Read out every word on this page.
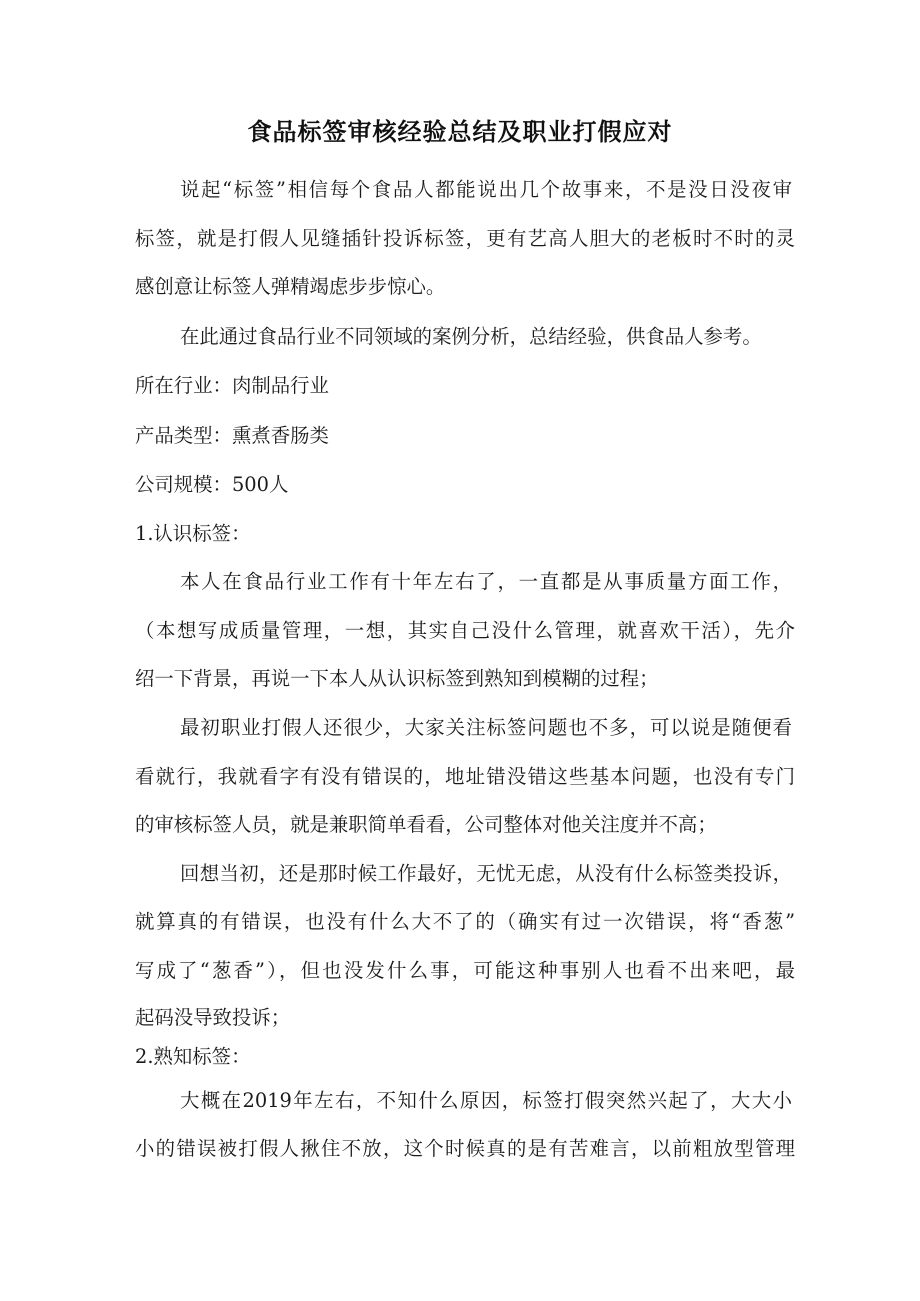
食品标签审核经验总结及职业打假应对
说起“标签”相信每个食品人都能说出几个故事来，不是没日没夜审
标签，就是打假人见缝插针投诉标签，更有艺高人胆大的老板时不时的灵
感创意让标签人弹精竭虑步步惊心。
在此通过食品行业不同领域的案例分析，总结经验，供食品人参考。
所在行业：肉制品行业
产品类型：熏煮香肠类
公司规模：500人
1.认识标签：
本人在食品行业工作有十年左右了，一直都是从事质量方面工作，
（本想写成质量管理，一想，其实自己没什么管理，就喜欢干活），先介
绍一下背景，再说一下本人从认识标签到熟知到模糊的过程；
最初职业打假人还很少，大家关注标签问题也不多，可以说是随便看
看就行，我就看字有没有错误的，地址错没错这些基本问题，也没有专门
的审核标签人员，就是兼职简单看看，公司整体对他关注度并不高；
回想当初，还是那时候工作最好，无忧无虑，从没有什么标签类投诉，
就算真的有错误，也没有什么大不了的（确实有过一次错误，将“香葱”
写成了“葱香”），但也没发什么事，可能这种事别人也看不出来吧，最
起码没导致投诉；
2.熟知标签：
大概在2019年左右，不知什么原因，标签打假突然兴起了，大大小
小的错误被打假人揪住不放，这个时候真的是有苦难言，以前粗放型管理
